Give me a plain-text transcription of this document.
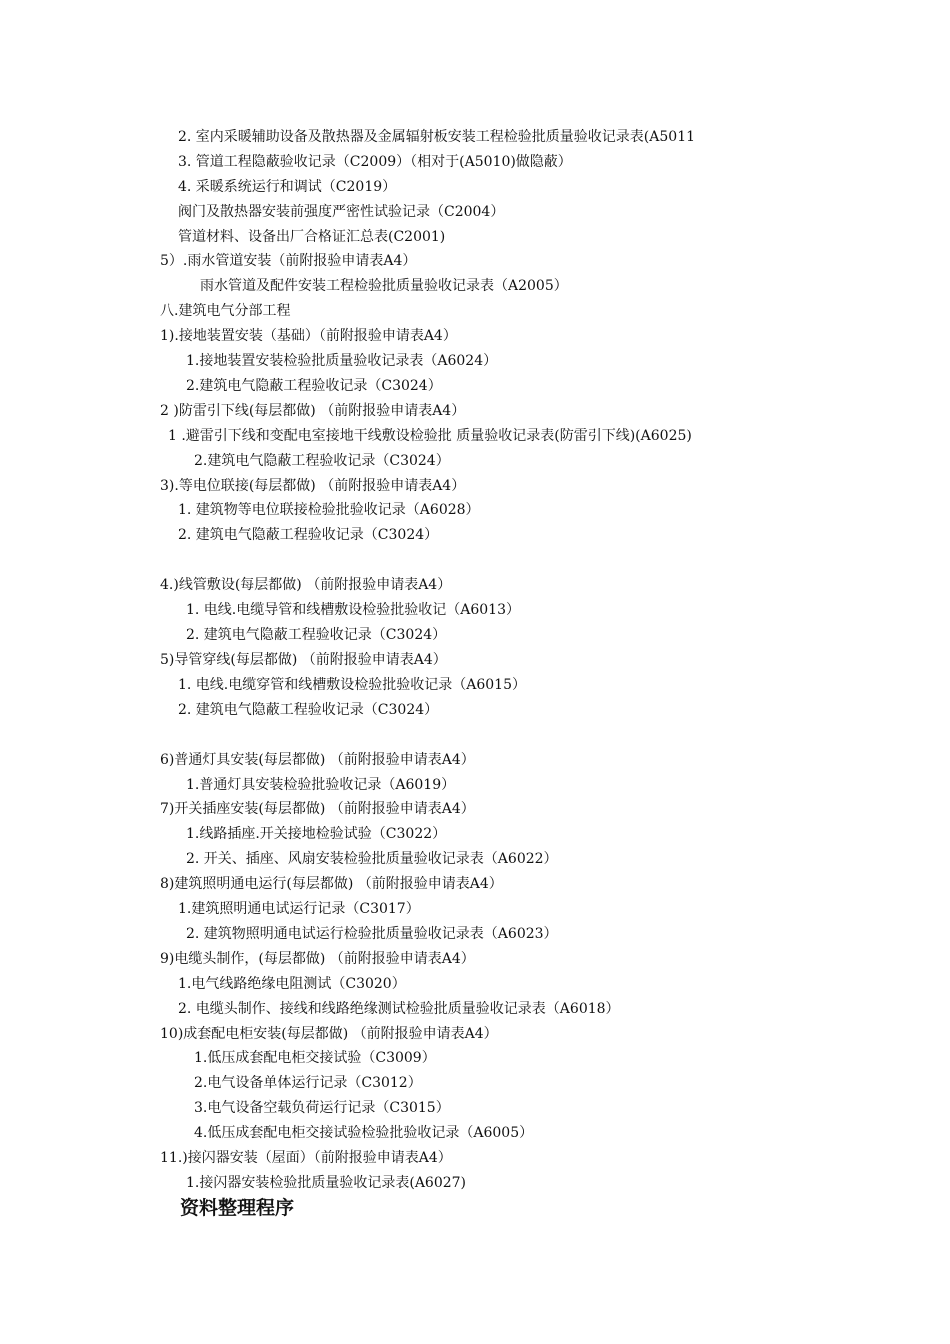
2. 室内采暖辅助设备及散热器及金属辐射板安装工程检验批质量验收记录表(A5011
3. 管道工程隐蔽验收记录（C2009）（相对于(A5010)做隐蔽）
4. 采暖系统运行和调试（C2019）
阀门及散热器安装前强度严密性试验记录（C2004）
管道材料、设备出厂合格证汇总表(C2001)
5）.雨水管道安装（前附报验申请表A4）
雨水管道及配件安装工程检验批质量验收记录表（A2005）
八.建筑电气分部工程
1).接地装置安装（基础）（前附报验申请表A4）
1.接地装置安装检验批质量验收记录表（A6024）
2.建筑电气隐蔽工程验收记录（C3024）
2 )防雷引下线(每层都做) （前附报验申请表A4）
1 .避雷引下线和变配电室接地干线敷设检验批 质量验收记录表(防雷引下线)(A6025)
2.建筑电气隐蔽工程验收记录（C3024）
3).等电位联接(每层都做) （前附报验申请表A4）
1. 建筑物等电位联接检验批验收记录（A6028）
2. 建筑电气隐蔽工程验收记录（C3024）
4.)线管敷设(每层都做) （前附报验申请表A4）
1. 电线.电缆导管和线槽敷设检验批验收记（A6013）
2. 建筑电气隐蔽工程验收记录（C3024）
5)导管穿线(每层都做) （前附报验申请表A4）
1. 电线.电缆穿管和线槽敷设检验批验收记录（A6015）
2. 建筑电气隐蔽工程验收记录（C3024）
6)普通灯具安装(每层都做) （前附报验申请表A4）
1.普通灯具安装检验批验收记录（A6019）
7)开关插座安装(每层都做) （前附报验申请表A4）
1.线路插座.开关接地检验试验（C3022）
2. 开关、插座、风扇安装检验批质量验收记录表（A6022）
8)建筑照明通电运行(每层都做) （前附报验申请表A4）
1.建筑照明通电试运行记录（C3017）
2. 建筑物照明通电试运行检验批质量验收记录表（A6023）
9)电缆头制作，(每层都做) （前附报验申请表A4）
1.电气线路绝缘电阻测试（C3020）
2. 电缆头制作、接线和线路绝缘测试检验批质量验收记录表（A6018）
10)成套配电柜安装(每层都做) （前附报验申请表A4）
1.低压成套配电柜交接试验（C3009）
2.电气设备单体运行记录（C3012）
3.电气设备空载负荷运行记录（C3015）
4.低压成套配电柜交接试验检验批验收记录（A6005）
11.)接闪器安装（屋面）（前附报验申请表A4）
1.接闪器安装检验批质量验收记录表(A6027)
资料整理程序
